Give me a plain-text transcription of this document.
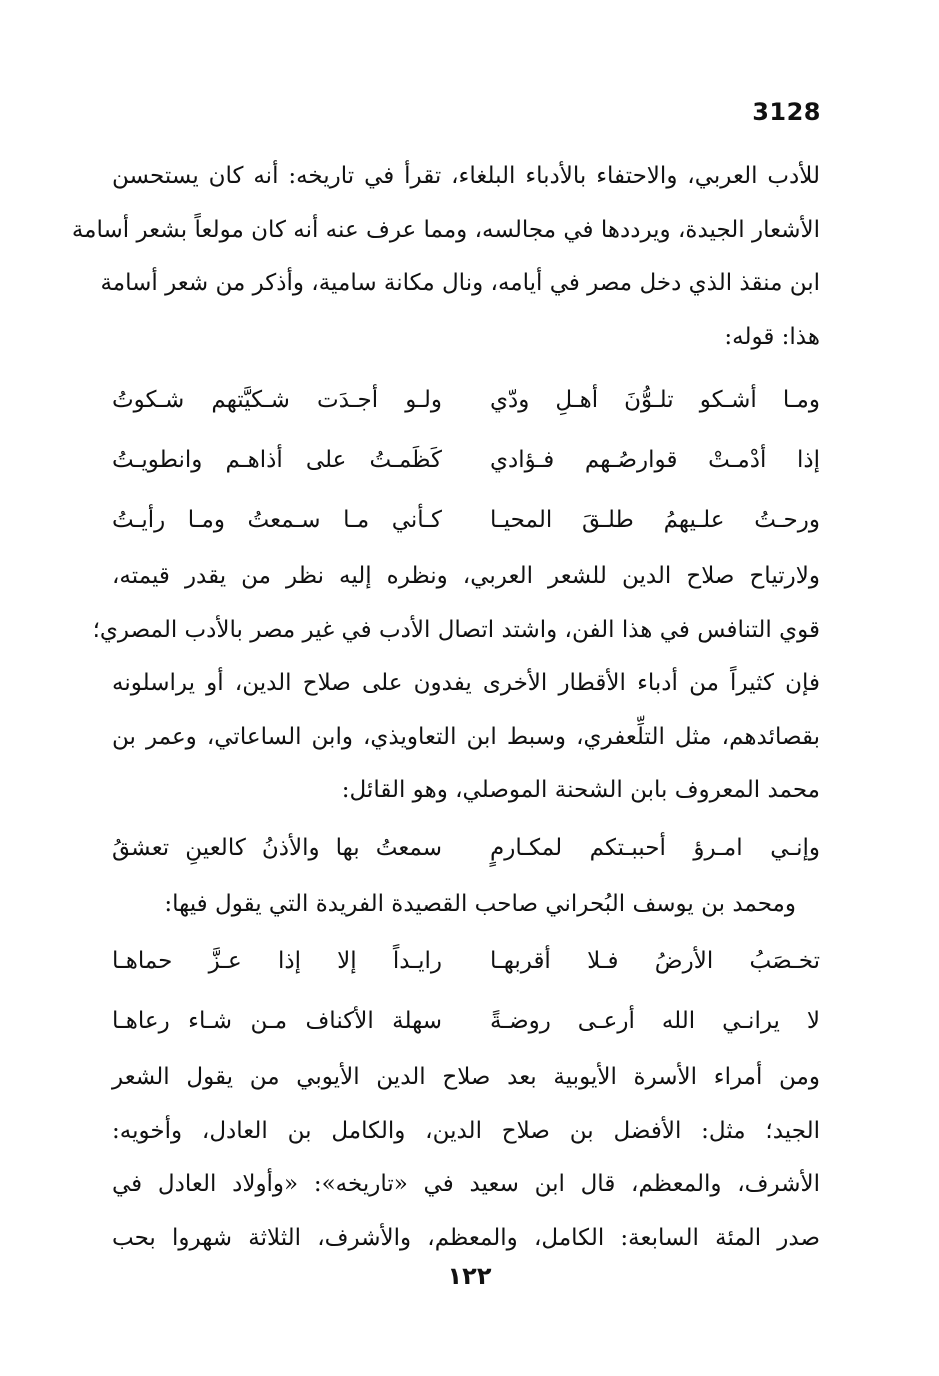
3128
للأدب العربي، والاحتفاء بالأدباء البلغاء، تقرأ في تاريخه: أنه كان يستحسن
الأشعار الجيدة، ويرددها في مجالسه، ومما عرف عنه أنه كان مولعاً بشعر أسامة
ابن منقذ الذي دخل مصر في أيامه، ونال مكانة سامية، وأذكر من شعر أسامة
هذا: قوله:
ومـا أشـكو تلـوُّنَ أهـلِ ودّي
ولـو أجـدَت شـكيَّتهم شـكوتُ
إذا أدْمـتْ قوارصُـهم فـؤادي
كَظَمـتُ على أذاهـم وانطويـتُ
ورحـتُ علـيهمُ طلـقَ المحيـا
كـأني مـا سـمعتُ ومـا رأيـتُ
ولارتياح صلاح الدين للشعر العربي، ونظره إليه نظر من يقدر قيمته،
قوي التنافس في هذا الفن، واشتد اتصال الأدب في غير مصر بالأدب المصري؛
فإن كثيراً من أدباء الأقطار الأخرى يفدون على صلاح الدين، أو يراسلونه
بقصائدهم، مثل التلِّعفري، وسبط ابن التعاويذي، وابن الساعاتي، وعمر بن
محمد المعروف بابن الشحنة الموصلي، وهو القائل:
وإنـي امـرؤ أحببـتكم لمكـارمٍ
سمعتُ بها والأذنُ كالعينِ تعشقُ
ومحمد بن يوسف البُحراني صاحب القصيدة الفريدة التي يقول فيها:
تخـصَبُ الأرضُ فـلا أقربهـا
رايـداً إلا إذا عـزَّ حماهـا
لا يرانـي الله أرعـى روضـةً
سهلة الأكناف مـن شـاء رعاهـا
ومن أمراء الأسرة الأيوبية بعد صلاح الدين الأيوبي من يقول الشعر
الجيد؛ مثل: الأفضل بن صلاح الدين، والكامل بن العادل، وأخويه:
الأشرف، والمعظم، قال ابن سعيد في «تاريخه»: «وأولاد العادل في
صدر المئة السابعة: الكامل، والمعظم، والأشرف، الثلاثة شهروا بحب
١٢٢
